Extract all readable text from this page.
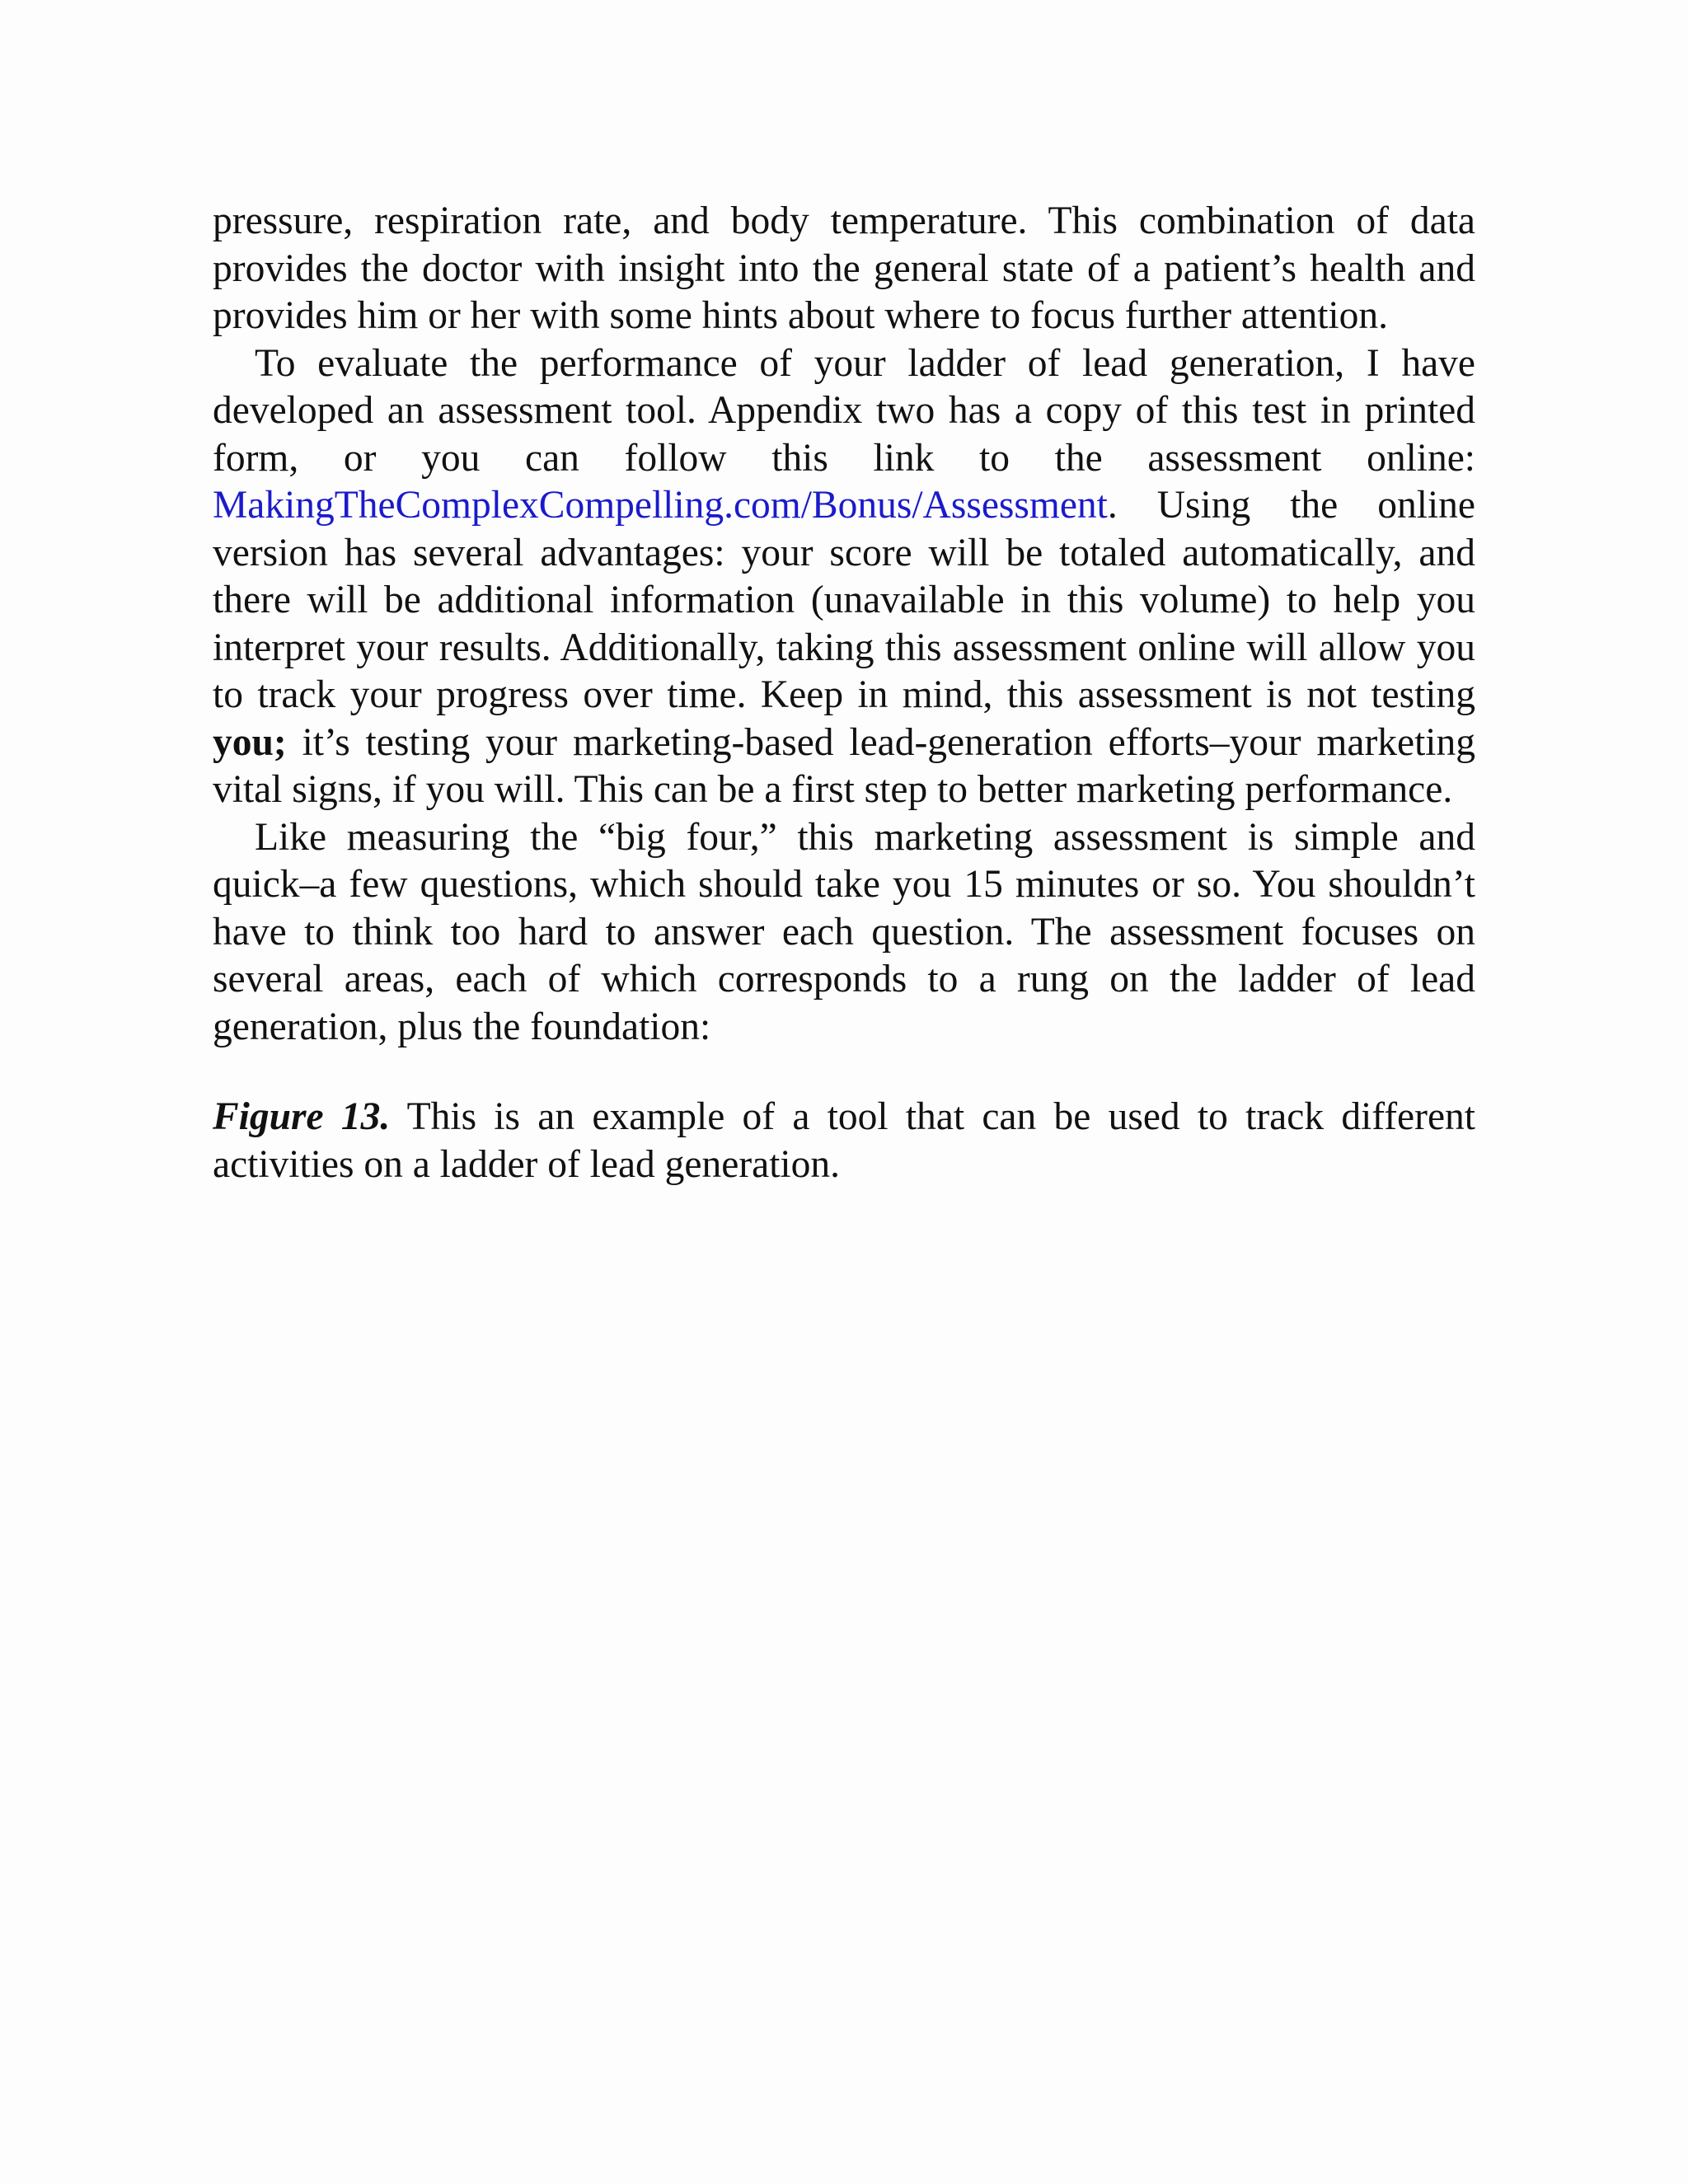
pressure, respiration rate, and body temperature. This combination of data provides the doctor with insight into the general state of a patient’s health and provides him or her with some hints about where to focus further attention.

To evaluate the performance of your ladder of lead generation, I have developed an assessment tool. Appendix two has a copy of this test in printed form, or you can follow this link to the assessment online: MakingTheComplexCompelling.com/Bonus/Assessment. Using the online version has several advantages: your score will be totaled automatically, and there will be additional information (unavailable in this volume) to help you interpret your results. Additionally, taking this assessment online will allow you to track your progress over time. Keep in mind, this assessment is not testing you; it’s testing your marketing-based lead-generation efforts–your marketing vital signs, if you will. This can be a first step to better marketing performance.

Like measuring the “big four,” this marketing assessment is simple and quick–a few questions, which should take you 15 minutes or so. You shouldn’t have to think too hard to answer each question. The assessment focuses on several areas, each of which corresponds to a rung on the ladder of lead generation, plus the foundation:

Figure 13. This is an example of a tool that can be used to track different activities on a ladder of lead generation.
